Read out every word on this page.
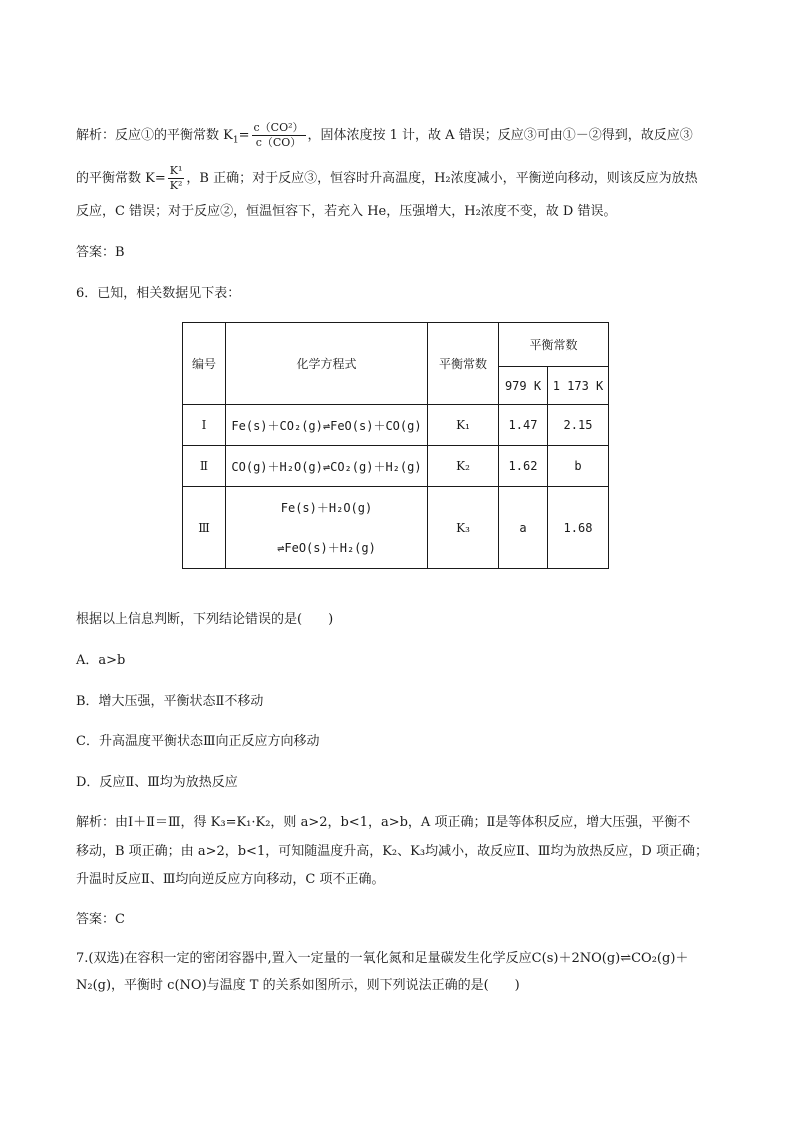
解析：反应①的平衡常数 $K_1= \frac{\text{c（CO²）}}{c(CO)}$ ，固体浓度按 1 计，故 A 错误；反应③可由①－②得到，故反应③
的平衡常数 $K= \frac{\text{K¹}}{\text{K²}}$ ，B 正确；对于反应③，恒容时升高温度，H₂浓度减小，平衡逆向移动，则该反应为放热
反应，C 错误；对于反应②，恒温恒容下，若充入 He，压强增大，H₂浓度不变，故 D 错误。
答案：B
6．已知，相关数据见下表：
编号	化学方程式	平衡常数	平衡常数	
			979 K	1 173 K
Ⅰ	Fe(s)＋CO₂(g)⇌FeO(s)＋CO(g)	K₁	1.47	2.15
Ⅱ	CO(g)＋H₂O(g)⇌CO₂(g)＋H₂(g)	K₂	1.62	b
Ⅲ	Fe(s)＋H₂O(g)
⇌FeO(s)＋H₂(g)	K₃	a	1.68
根据以上信息判断，下列结论错误的是(　　)
A．a>b
B．增大压强，平衡状态Ⅱ不移动
C．升高温度平衡状态Ⅲ向正反应方向移动
D．反应Ⅱ、Ⅲ均为放热反应
解析：由Ⅰ＋Ⅱ＝Ⅲ，得 K₃=K₁·K₂，则 a>2，b<1，a>b，A 项正确；Ⅱ是等体积反应，增大压强，平衡不
移动，B 项正确；由 a>2，b<1，可知随温度升高，K₂、K₃均减小，故反应Ⅱ、Ⅲ均为放热反应，D 项正确；
升温时反应Ⅱ、Ⅲ均向逆反应方向移动，C 项不正确。
答案：C
7.(双选)在容积一定的密闭容器中,置入一定量的一氧化氮和足量碳发生化学反应C(s)＋2NO(g)⇌CO₂(g)＋
N₂(g)，平衡时 c(NO)与温度 T 的关系如图所示，则下列说法正确的是(　　)
